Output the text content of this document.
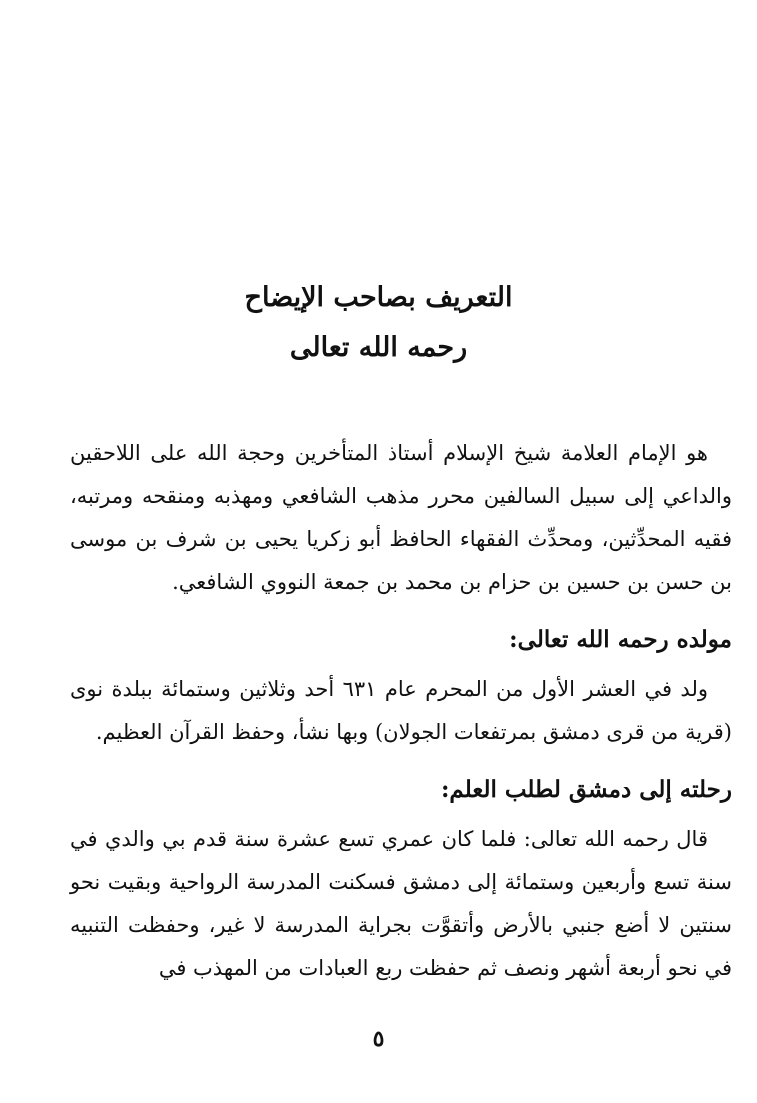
التعريف بصاحب الإيضاح

رحمه الله تعالى

هو الإمام العلامة شيخ الإسلام أستاذ المتأخرين وحجة الله على اللاحقين والداعي إلى سبيل السالفين محرر مذهب الشافعي ومهذبه ومنقحه ومرتبه، فقيه المحدِّثين، ومحدِّث الفقهاء الحافظ أبو زكريا يحيى بن شرف بن موسى بن حسن بن حسين بن حزام بن محمد بن جمعة النووي الشافعي.

مولده رحمه الله تعالى:

ولد في العشر الأول من المحرم عام ٦٣١ أحد وثلاثين وستمائة ببلدة نوى (قرية من قرى دمشق بمرتفعات الجولان) وبها نشأ، وحفظ القرآن العظيم.

رحلته إلى دمشق لطلب العلم:

قال رحمه الله تعالى: فلما كان عمري تسع عشرة سنة قدم بي والدي في سنة تسع وأربعين وستمائة إلى دمشق فسكنت المدرسة الرواحية وبقيت نحو سنتين لا أضع جنبي بالأرض وأتقوَّت بجراية المدرسة لا غير، وحفظت التنبيه في نحو أربعة أشهر ونصف ثم حفظت ربع العبادات من المهذب في

٥
